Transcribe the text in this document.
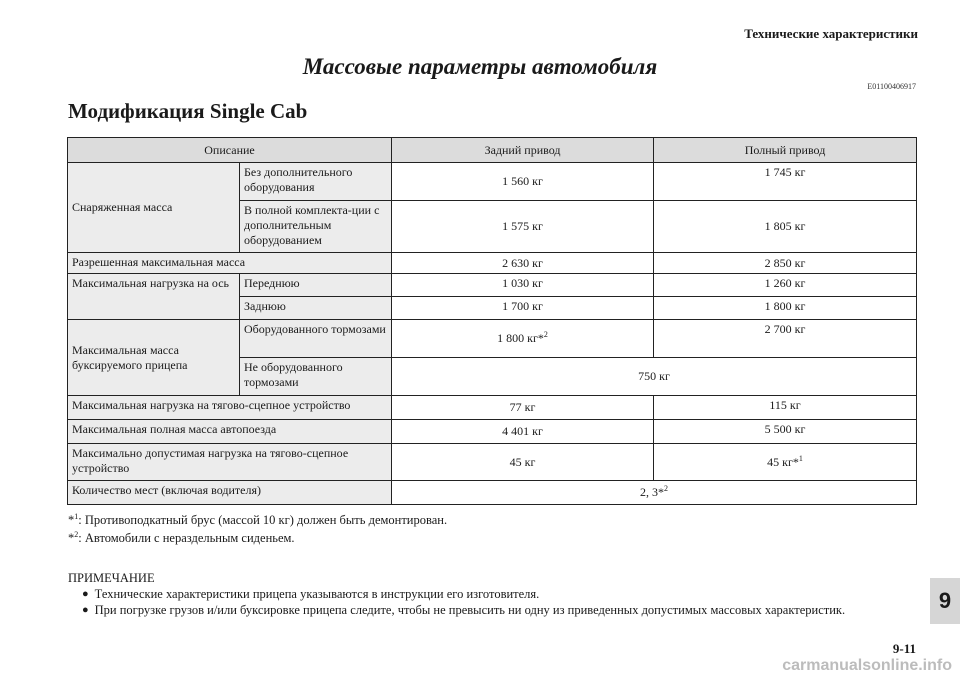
Технические характеристики
Массовые параметры автомобиля
E01100406917
Модификация Single Cab
Описание		Задний привод	Полный привод
Снаряженная масса	Без дополнительного оборудования	1 560 кг	1 745 кг
	В полной комплекта-ции с дополнительным оборудованием	1 575 кг	1 805 кг
Разрешенная максимальная масса		2 630 кг	2 850 кг
Максимальная нагрузка на ось	Переднюю	1 030 кг	1 260 кг
	Заднюю	1 700 кг	1 800 кг
Максимальная масса буксируемого прицепа	Оборудованного тормозами	1 800 кг*$^2$	2 700 кг
	Не оборудованного тормозами	750 кг	
Максимальная нагрузка на тягово-сцепное устройство		77 кг	115 кг
Максимальная полная масса автопоезда		4 401 кг	5 500 кг
Максимально допустимая нагрузка на тягово-сцепное устройство		45 кг	45 кг*$^1$
Количество мест (включая водителя)		2, 3*$^2$
*$^1$: Противоподкатный брус (массой 10 кг) должен быть демонтирован.
*$^2$: Автомобили с нераздельным сиденьем.
ПРИМЕЧАНИЕ
● Технические характеристики прицепа указываются в инструкции его изготовителя.
● При погрузке грузов и/или буксировке прицепа следите, чтобы не превысить ни одну из приведенных допустимых массовых характеристик.	9
9-11
carmanualsonline.info
